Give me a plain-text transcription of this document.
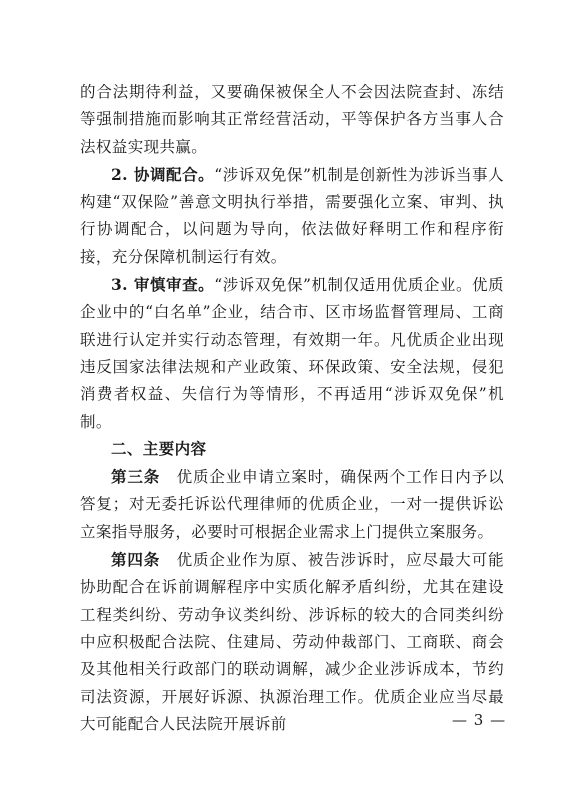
的合法期待利益，又要确保被保全人不会因法院查封、冻结等强制措施而影响其正常经营活动，平等保护各方当事人合法权益实现共赢。

2. 协调配合。“涉诉双免保”机制是创新性为涉诉当事人构建“双保险”善意文明执行举措，需要强化立案、审判、执行协调配合，以问题为导向，依法做好释明工作和程序衔接，充分保障机制运行有效。

3. 审慎审查。“涉诉双免保”机制仅适用优质企业。优质企业中的“白名单”企业，结合市、区市场监督管理局、工商联进行认定并实行动态管理，有效期一年。凡优质企业出现违反国家法律法规和产业政策、环保政策、安全法规，侵犯消费者权益、失信行为等情形，不再适用“涉诉双免保”机制。

二、主要内容

第三条　优质企业申请立案时，确保两个工作日内予以答复；对无委托诉讼代理律师的优质企业，一对一提供诉讼立案指导服务，必要时可根据企业需求上门提供立案服务。

第四条　优质企业作为原、被告涉诉时，应尽最大可能协助配合在诉前调解程序中实质化解矛盾纠纷，尤其在建设工程类纠纷、劳动争议类纠纷、涉诉标的较大的合同类纠纷中应积极配合法院、住建局、劳动仲裁部门、工商联、商会及其他相关行政部门的联动调解，减少企业涉诉成本，节约司法资源，开展好诉源、执源治理工作。优质企业应当尽最大可能配合人民法院开展诉前	— 3 —
